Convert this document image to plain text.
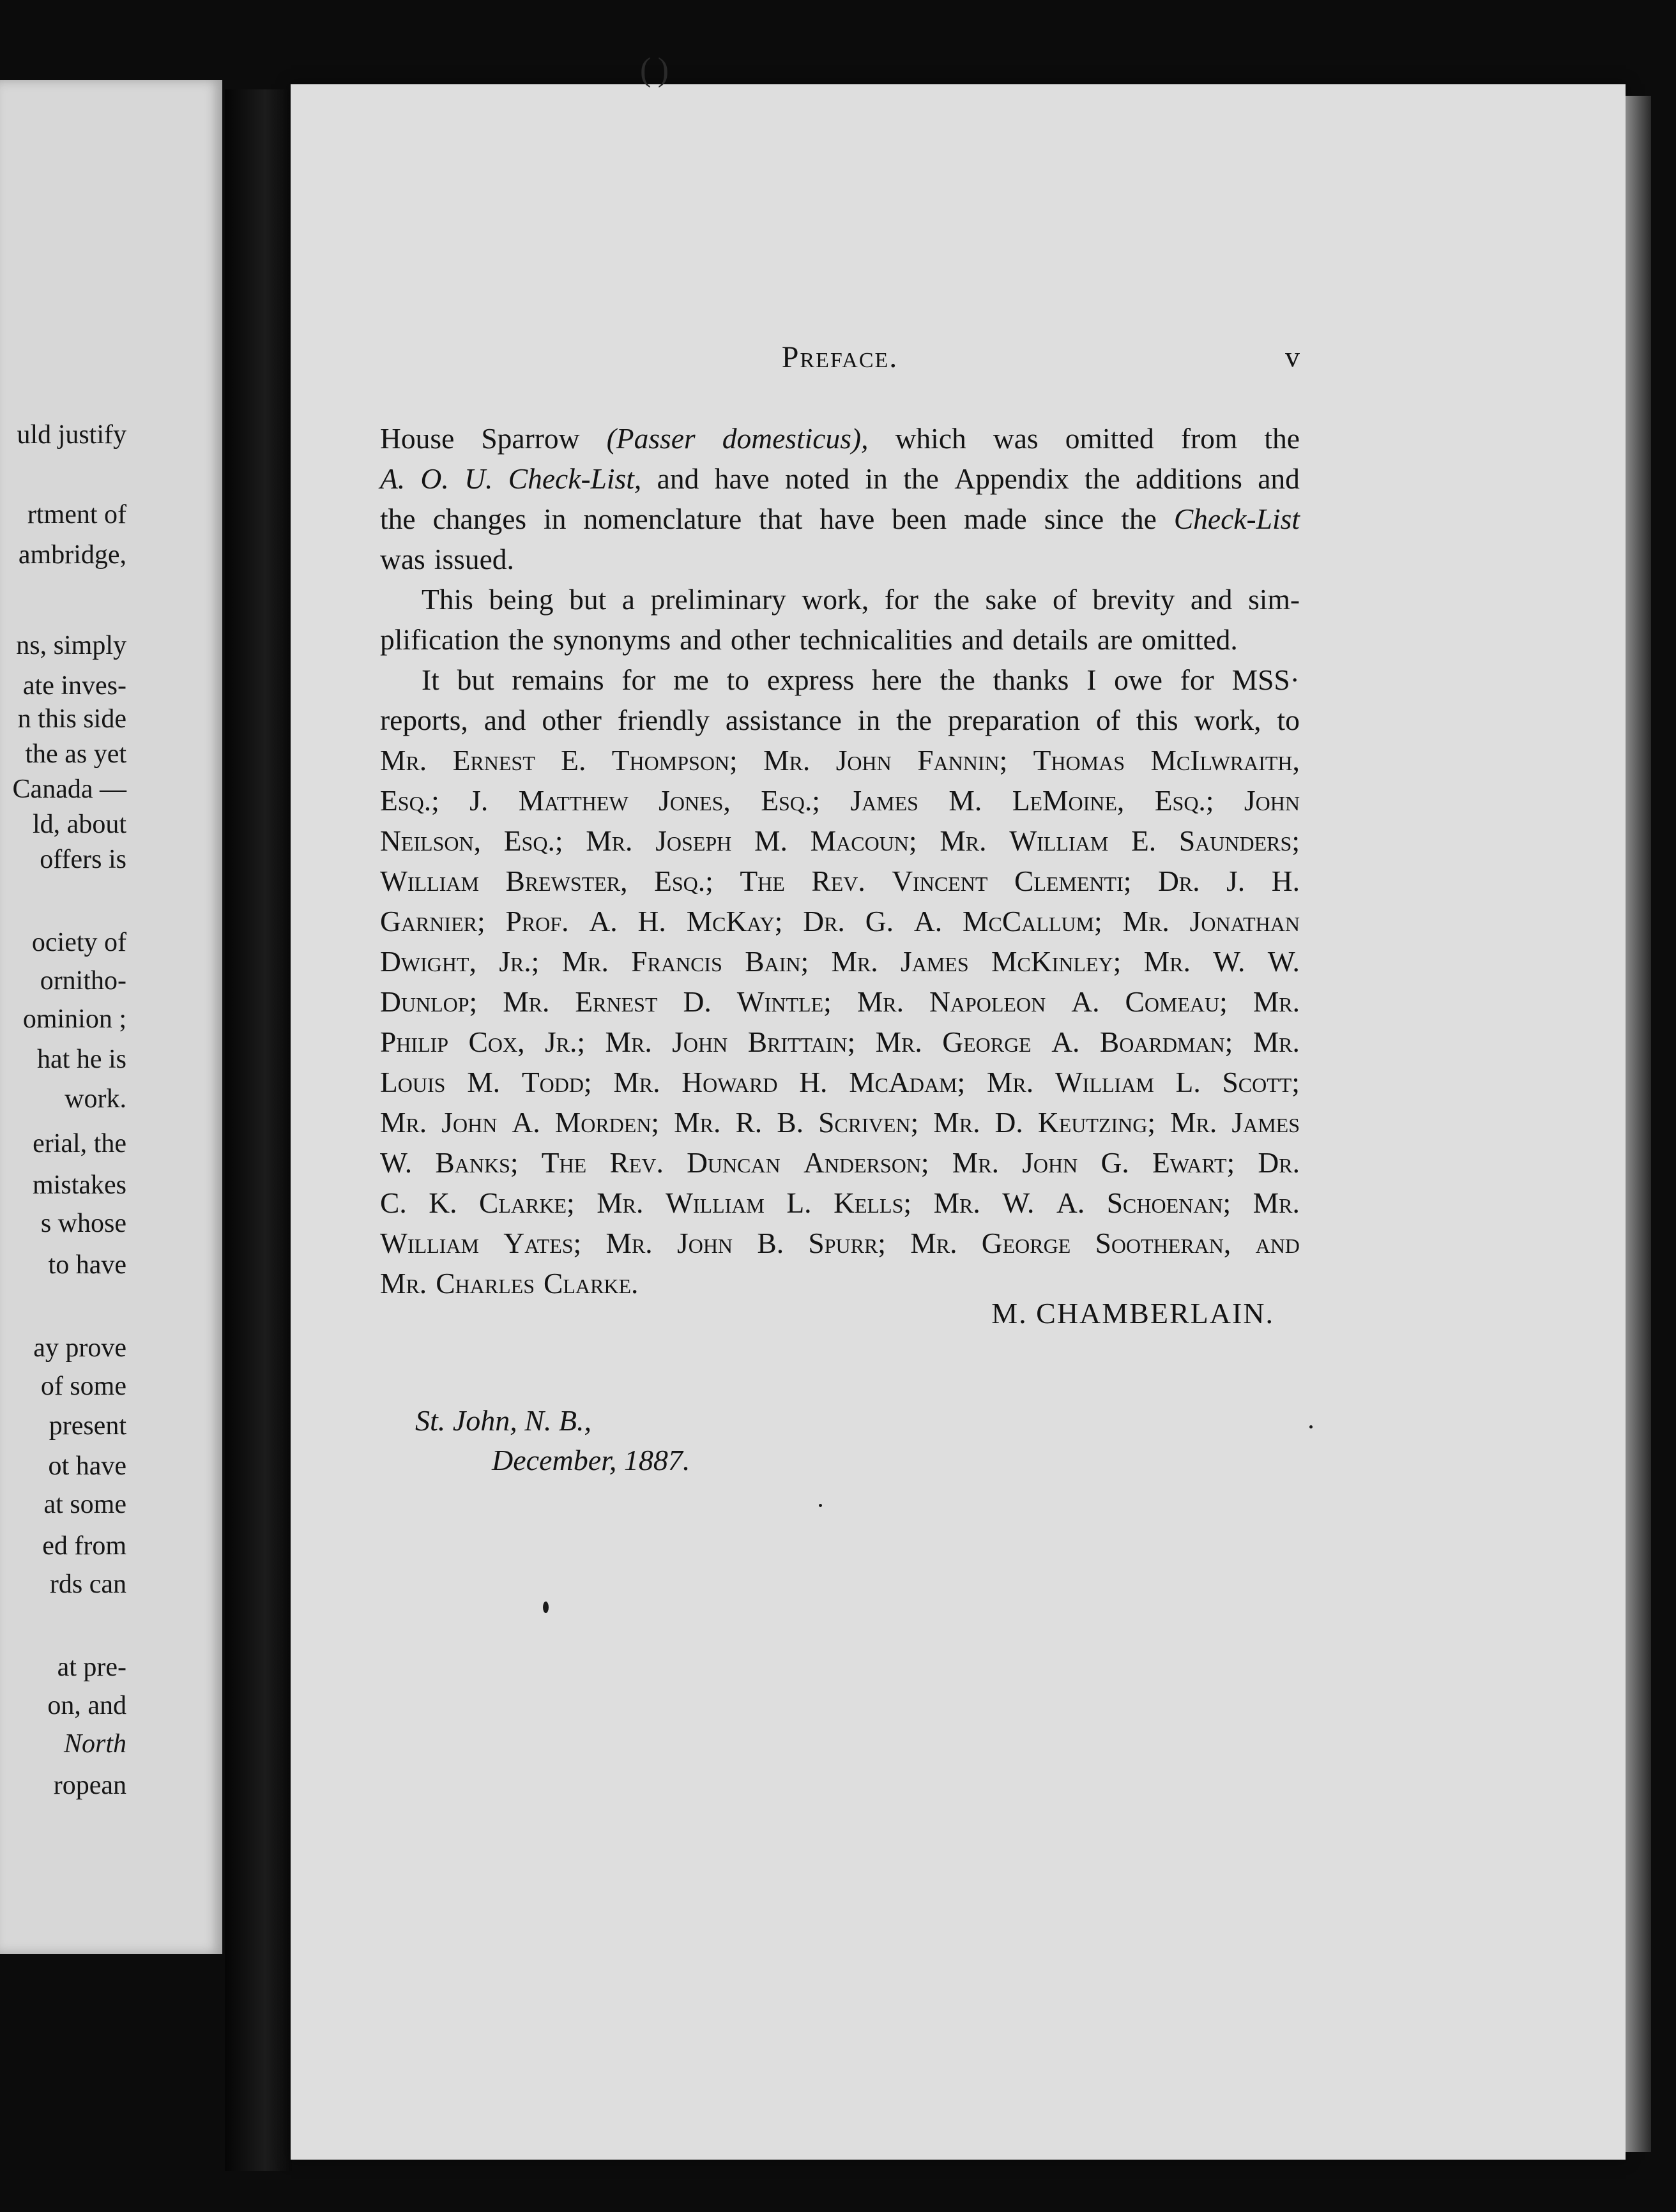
uld justify
rtment of
ambridge,
ns, simply
ate inves-
n this side
the as yet
Canada —
ld, about
offers is
ociety of
ornitho-
ominion ;
hat he is
work.
erial, the
mistakes
s whose
to have
ay prove
of some
present
ot have
at some
ed from
rds can
at pre-
on, and
North
ropean
( )
Preface.	v
House Sparrow (Passer domesticus), which was omitted from the
A. O. U. Check-List, and have noted in the Appendix the additions and
the changes in nomenclature that have been made since the Check-List
was issued.
This being but a preliminary work, for the sake of brevity and sim-
plification the synonyms and other technicalities and details are omitted.
It but remains for me to express here the thanks I owe for MSS·
reports, and other friendly assistance in the preparation of this work, to
Mr. Ernest E. Thompson; Mr. John Fannin; Thomas McIlwraith,
Esq.; J. Matthew Jones, Esq.; James M. LeMoine, Esq.; John
Neilson, Esq.; Mr. Joseph M. Macoun; Mr. William E. Saunders;
William Brewster, Esq.; The Rev. Vincent Clementi; Dr. J. H.
Garnier; Prof. A. H. McKay; Dr. G. A. McCallum; Mr. Jonathan
Dwight, Jr.; Mr. Francis Bain; Mr. James McKinley; Mr. W. W.
Dunlop; Mr. Ernest D. Wintle; Mr. Napoleon A. Comeau; Mr.
Philip Cox, Jr.; Mr. John Brittain; Mr. George A. Boardman; Mr.
Louis M. Todd; Mr. Howard H. McAdam; Mr. William L. Scott;
Mr. John A. Morden; Mr. R. B. Scriven; Mr. D. Keutzing; Mr. James
W. Banks; The Rev. Duncan Anderson; Mr. John G. Ewart; Dr.
C. K. Clarke; Mr. William L. Kells; Mr. W. A. Schoenan; Mr.
William Yates; Mr. John B. Spurr; Mr. George Sootheran, and
Mr. Charles Clarke.
M. CHAMBERLAIN.
St. John, N. B.,
December, 1887.
